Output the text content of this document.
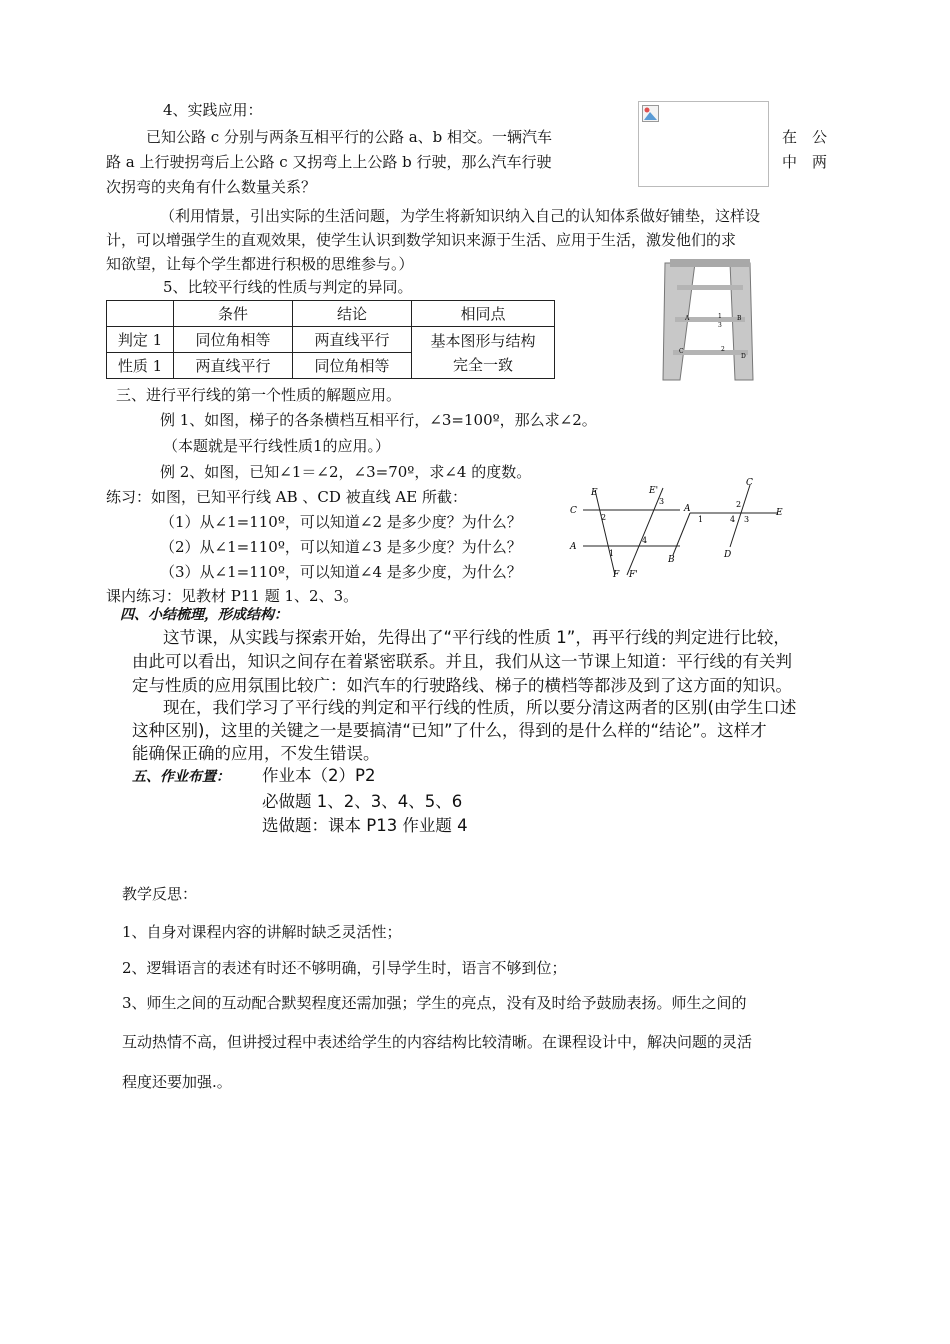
4、实践应用：
已知公路 c 分别与两条互相平行的公路 a、b 相交。一辆汽车	在　公
路 a 上行驶拐弯后上公路 c 又拐弯上上公路 b 行驶，那么汽车行驶	中　两
次拐弯的夹角有什么数量关系？
（利用情景，引出实际的生活问题，为学生将新知识纳入自己的认知体系做好铺垫，这样设
计，可以增强学生的直观效果，使学生认识到数学知识来源于生活、应用于生活，激发他们的求
知欲望，让每个学生都进行积极的思维参与。）
5、比较平行线的性质与判定的异同。
	条件	结论	相同点
判定 1	同位角相等	两直线平行	基本图形与结构
完全一致

性质 1	两直线平行	同位角相等	
A	1	B
3
C	2
D
三、进行平行线的第一个性质的解题应用。
例 1、如图，梯子的各条横档互相平行，∠3=100º，那么求∠2。
（本题就是平行线性质1的应用。）
例 2、如图，已知∠1＝∠2，∠3=70º，求∠4 的度数。
练习：如图，已知平行线 AB 、CD 被直线 AE 所截：
（1）从∠1=110º，可以知道∠2 是多少度？为什么？
（2）从∠1=110º，可以知道∠3 是多少度？为什么？
（3）从∠1=110º，可以知道∠4 是多少度，为什么？
课内练习：见教材 P11 题 1、2、3。
E	E'
C
2
3
A
4
1
F F'
C
2
A
1	4 3
E
B	D
四、小结梳理，形成结构：
这节课，从实践与探索开始，先得出了“平行线的性质 1”，再平行线的判定进行比较，
由此可以看出，知识之间存在着紧密联系。并且，我们从这一节课上知道：平行线的有关判
定与性质的应用氛围比较广：如汽车的行驶路线、梯子的横档等都涉及到了这方面的知识。
现在，我们学习了平行线的判定和平行线的性质，所以要分清这两者的区别(由学生口述
这种区别)，这里的关键之一是要搞清“已知”了什么，得到的是什么样的“结论”。这样才
能确保正确的应用，不发生错误。
五、作业布置： 作业本（2）P2
必做题 1、2、3、4、5、6
选做题：课本 P13 作业题 4
教学反思：
1、自身对课程内容的讲解时缺乏灵活性；
2、逻辑语言的表述有时还不够明确，引导学生时，语言不够到位；
3、师生之间的互动配合默契程度还需加强；学生的亮点，没有及时给予鼓励表扬。师生之间的
互动热情不高，但讲授过程中表述给学生的内容结构比较清晰。在课程设计中，解决问题的灵活
程度还要加强.。
